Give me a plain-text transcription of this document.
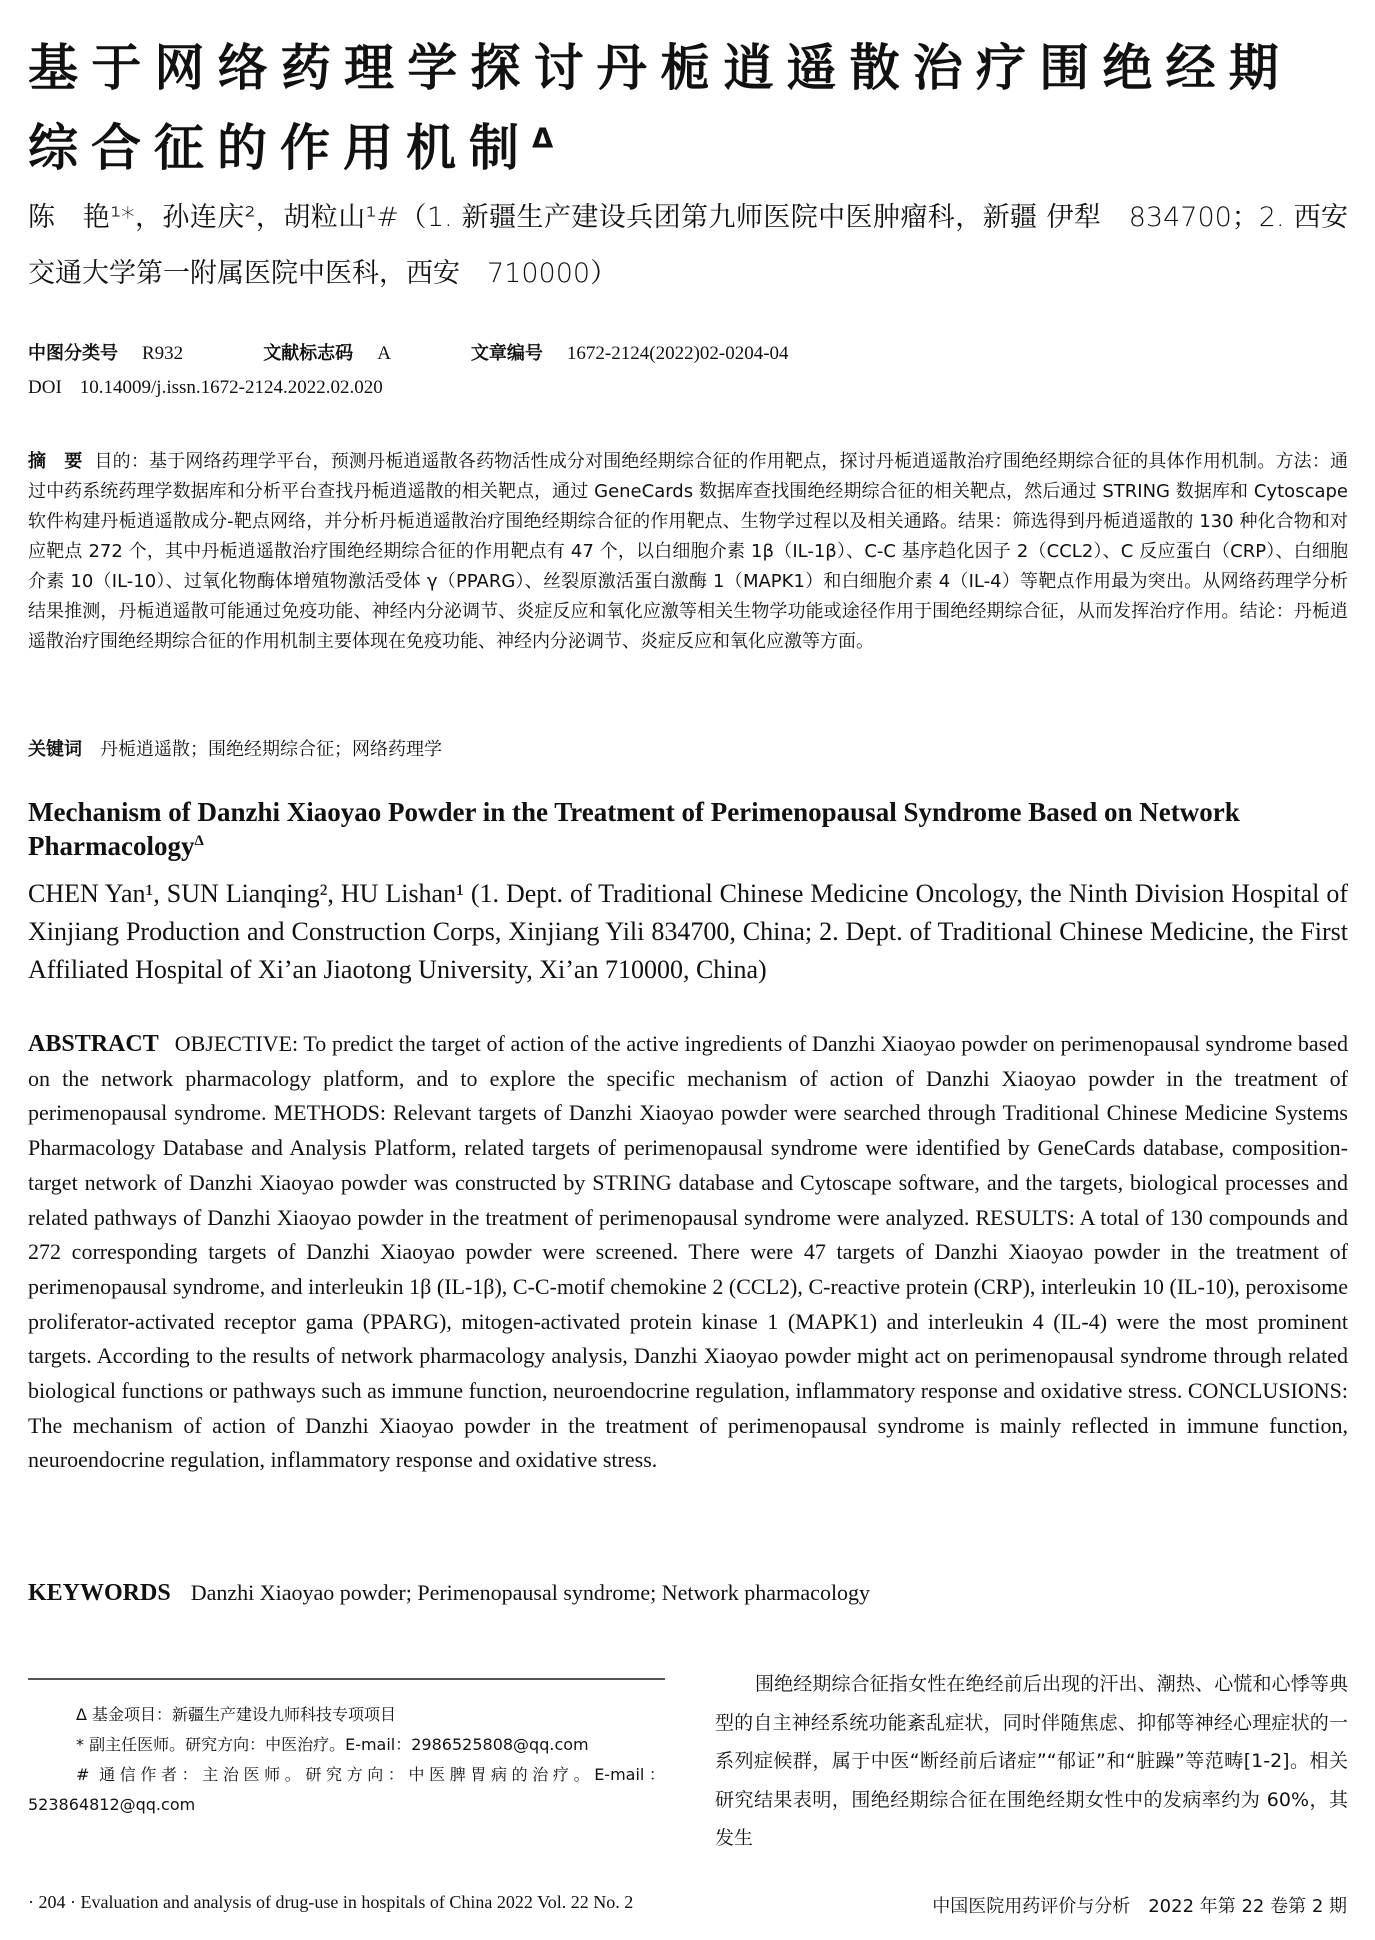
基于网络药理学探讨丹栀逍遥散治疗围绝经期
综合征的作用机制$^\Delta$
陈　艳¹*，孙连庆²，胡粒山¹#（1. 新疆生产建设兵团第九师医院中医肿瘤科，新疆 伊犁　834700；2. 西安交通大学第一附属医院中医科，西安　710000）
中图分类号 R932	文献标志码 A	文章编号 1672-2124(2022)02-0204-04
DOI 10.14009/j.issn.1672-2124.2022.02.020
摘　要 目的：基于网络药理学平台，预测丹栀逍遥散各药物活性成分对围绝经期综合征的作用靶点，探讨丹栀逍遥散治疗围绝经期综合征的具体作用机制。方法：通过中药系统药理学数据库和分析平台查找丹栀逍遥散的相关靶点，通过 GeneCards 数据库查找围绝经期综合征的相关靶点，然后通过 STRING 数据库和 Cytoscape 软件构建丹栀逍遥散成分-靶点网络，并分析丹栀逍遥散治疗围绝经期综合征的作用靶点、生物学过程以及相关通路。结果：筛选得到丹栀逍遥散的 130 种化合物和对应靶点 272 个，其中丹栀逍遥散治疗围绝经期综合征的作用靶点有 47 个，以白细胞介素 1β（IL-1β）、C-C 基序趋化因子 2（CCL2）、C 反应蛋白（CRP）、白细胞介素 10（IL-10）、过氧化物酶体增殖物激活受体 γ（PPARG）、丝裂原激活蛋白激酶 1（MAPK1）和白细胞介素 4（IL-4）等靶点作用最为突出。从网络药理学分析结果推测，丹栀逍遥散可能通过免疫功能、神经内分泌调节、炎症反应和氧化应激等相关生物学功能或途径作用于围绝经期综合征，从而发挥治疗作用。结论：丹栀逍遥散治疗围绝经期综合征的作用机制主要体现在免疫功能、神经内分泌调节、炎症反应和氧化应激等方面。
关键词 丹栀逍遥散；围绝经期综合征；网络药理学
Mechanism of Danzhi Xiaoyao Powder in the Treatment of Perimenopausal Syndrome Based on Network Pharmacology$^\Delta$
CHEN Yan¹, SUN Lianqing², HU Lishan¹ (1. Dept. of Traditional Chinese Medicine Oncology, the Ninth Division Hospital of Xinjiang Production and Construction Corps, Xinjiang Yili 834700, China; 2. Dept. of Traditional Chinese Medicine, the First Affiliated Hospital of Xi’an Jiaotong University, Xi’an 710000, China)
ABSTRACT OBJECTIVE: To predict the target of action of the active ingredients of Danzhi Xiaoyao powder on perimenopausal syndrome based on the network pharmacology platform, and to explore the specific mechanism of action of Danzhi Xiaoyao powder in the treatment of perimenopausal syndrome. METHODS: Relevant targets of Danzhi Xiaoyao powder were searched through Traditional Chinese Medicine Systems Pharmacology Database and Analysis Platform, related targets of perimenopausal syndrome were identified by GeneCards database, composition-target network of Danzhi Xiaoyao powder was constructed by STRING database and Cytoscape software, and the targets, biological processes and related pathways of Danzhi Xiaoyao powder in the treatment of perimenopausal syndrome were analyzed. RESULTS: A total of 130 compounds and 272 corresponding targets of Danzhi Xiaoyao powder were screened. There were 47 targets of Danzhi Xiaoyao powder in the treatment of perimenopausal syndrome, and interleukin 1β (IL-1β), C-C-motif chemokine 2 (CCL2), C-reactive protein (CRP), interleukin 10 (IL-10), peroxisome proliferator-activated receptor gama (PPARG), mitogen-activated protein kinase 1 (MAPK1) and interleukin 4 (IL-4) were the most prominent targets. According to the results of network pharmacology analysis, Danzhi Xiaoyao powder might act on perimenopausal syndrome through related biological functions or pathways such as immune function, neuroendocrine regulation, inflammatory response and oxidative stress. CONCLUSIONS: The mechanism of action of Danzhi Xiaoyao powder in the treatment of perimenopausal syndrome is mainly reflected in immune function, neuroendocrine regulation, inflammatory response and oxidative stress.
KEYWORDS Danzhi Xiaoyao powder; Perimenopausal syndrome; Network pharmacology

Δ 基金项目：新疆生产建设九师科技专项项目

* 副主任医师。研究方向：中医治疗。E-mail：2986525808@qq.com

# 通信作者：主治医师。研究方向：中医脾胃病的治疗。E-mail：523864812@qq.com

围绝经期综合征指女性在绝经前后出现的汗出、潮热、心慌和心悸等典型的自主神经系统功能紊乱症状，同时伴随焦虑、抑郁等神经心理症状的一系列症候群，属于中医“断经前后诸症”“郁证”和“脏躁”等范畴[1-2]。相关研究结果表明，围绝经期综合征在围绝经期女性中的发病率约为 60%，其发生
· 204 · Evaluation and analysis of drug-use in hospitals of China 2022 Vol. 22 No. 2	中国医院用药评价与分析　2022 年第 22 卷第 2 期
